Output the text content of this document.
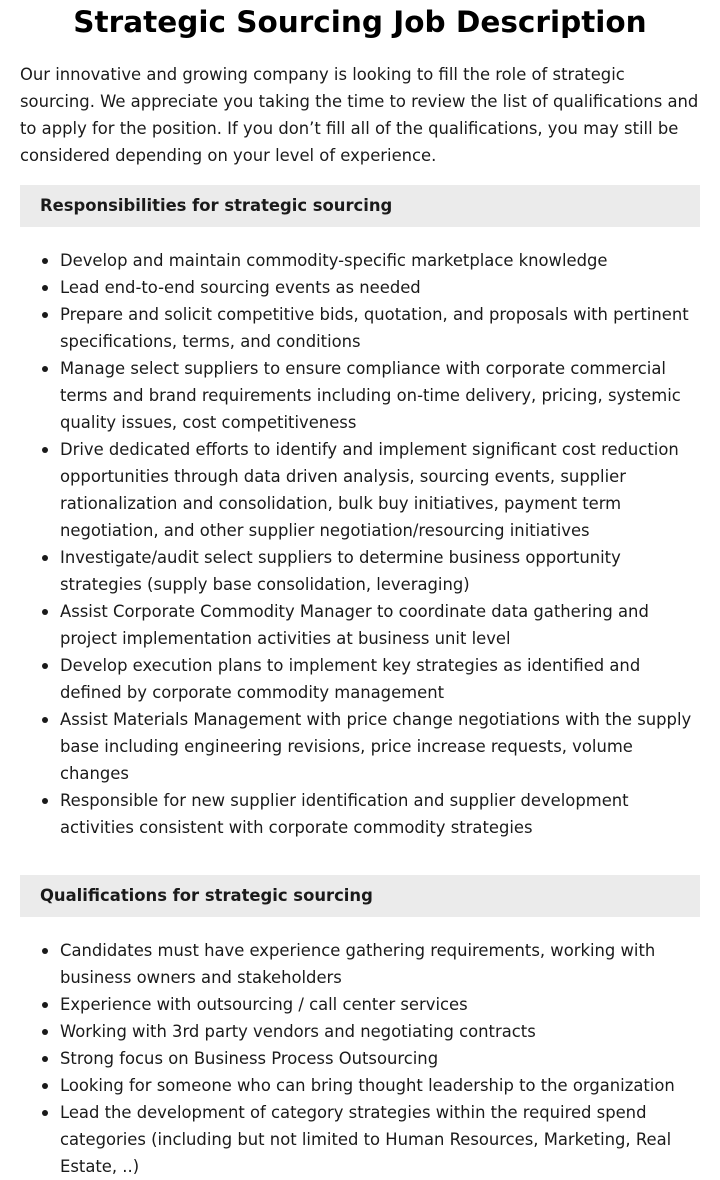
Strategic Sourcing Job Description

Our innovative and growing company is looking to fill the role of strategic sourcing. We appreciate you taking the time to review the list of qualifications and to apply for the position. If you don’t fill all of the qualifications, you may still be considered depending on your level of experience.

Responsibilities for strategic sourcing
Develop and maintain commodity-specific marketplace knowledge
Lead end-to-end sourcing events as needed
Prepare and solicit competitive bids, quotation, and proposals with pertinent specifications, terms, and conditions
Manage select suppliers to ensure compliance with corporate commercial terms and brand requirements including on-time delivery, pricing, systemic quality issues, cost competitiveness
Drive dedicated efforts to identify and implement significant cost reduction opportunities through data driven analysis, sourcing events, supplier rationalization and consolidation, bulk buy initiatives, payment term negotiation, and other supplier negotiation/resourcing initiatives
Investigate/audit select suppliers to determine business opportunity strategies (supply base consolidation, leveraging)
Assist Corporate Commodity Manager to coordinate data gathering and project implementation activities at business unit level
Develop execution plans to implement key strategies as identified and defined by corporate commodity management
Assist Materials Management with price change negotiations with the supply base including engineering revisions, price increase requests, volume changes
Responsible for new supplier identification and supplier development activities consistent with corporate commodity strategies
Qualifications for strategic sourcing
Candidates must have experience gathering requirements, working with business owners and stakeholders
Experience with outsourcing / call center services
Working with 3rd party vendors and negotiating contracts
Strong focus on Business Process Outsourcing
Looking for someone who can bring thought leadership to the organization
Lead the development of category strategies within the required spend categories (including but not limited to Human Resources, Marketing, Real Estate, ..)
